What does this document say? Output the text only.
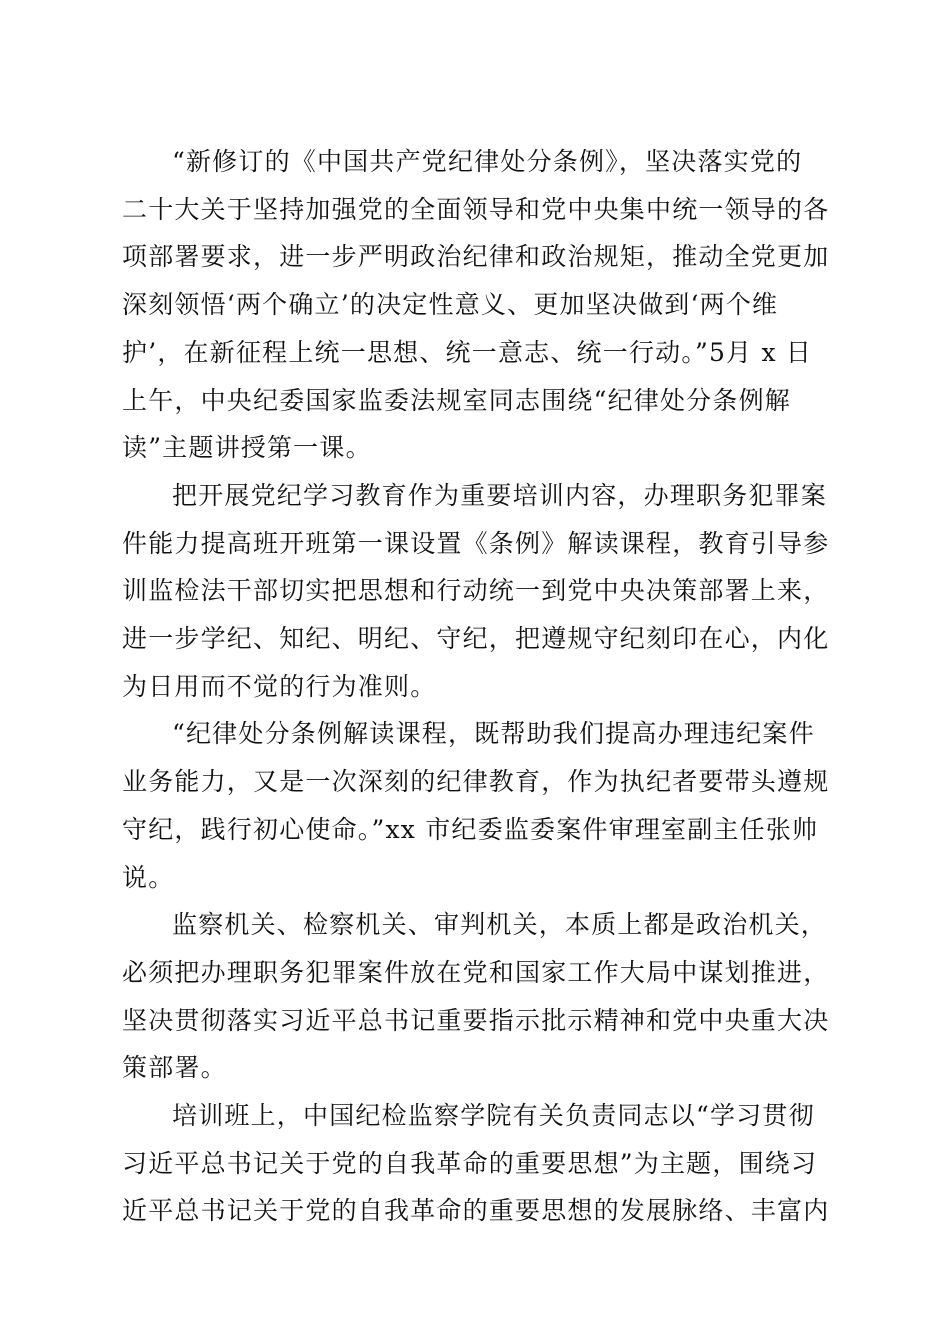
“新修订的《中国共产党纪律处分条例》，坚决落实党的
二十大关于坚持加强党的全面领导和党中央集中统一领导的各
项部署要求，进一步严明政治纪律和政治规矩，推动全党更加
深刻领悟‘两个确立’的决定性意义、更加坚决做到‘两个维
护’，在新征程上统一思想、统一意志、统一行动。”5月 x 日
上午，中央纪委国家监委法规室同志围绕“纪律处分条例解
读”主题讲授第一课。

把开展党纪学习教育作为重要培训内容，办理职务犯罪案
件能力提高班开班第一课设置《条例》解读课程，教育引导参
训监检法干部切实把思想和行动统一到党中央决策部署上来，
进一步学纪、知纪、明纪、守纪，把遵规守纪刻印在心，内化
为日用而不觉的行为准则。

“纪律处分条例解读课程，既帮助我们提高办理违纪案件
业务能力，又是一次深刻的纪律教育，作为执纪者要带头遵规
守纪，践行初心使命。”xx 市纪委监委案件审理室副主任张帅
说。

监察机关、检察机关、审判机关，本质上都是政治机关，
必须把办理职务犯罪案件放在党和国家工作大局中谋划推进，
坚决贯彻落实习近平总书记重要指示批示精神和党中央重大决
策部署。

培训班上，中国纪检监察学院有关负责同志以“学习贯彻
习近平总书记关于党的自我革命的重要思想”为主题，围绕习
近平总书记关于党的自我革命的重要思想的发展脉络、丰富内
